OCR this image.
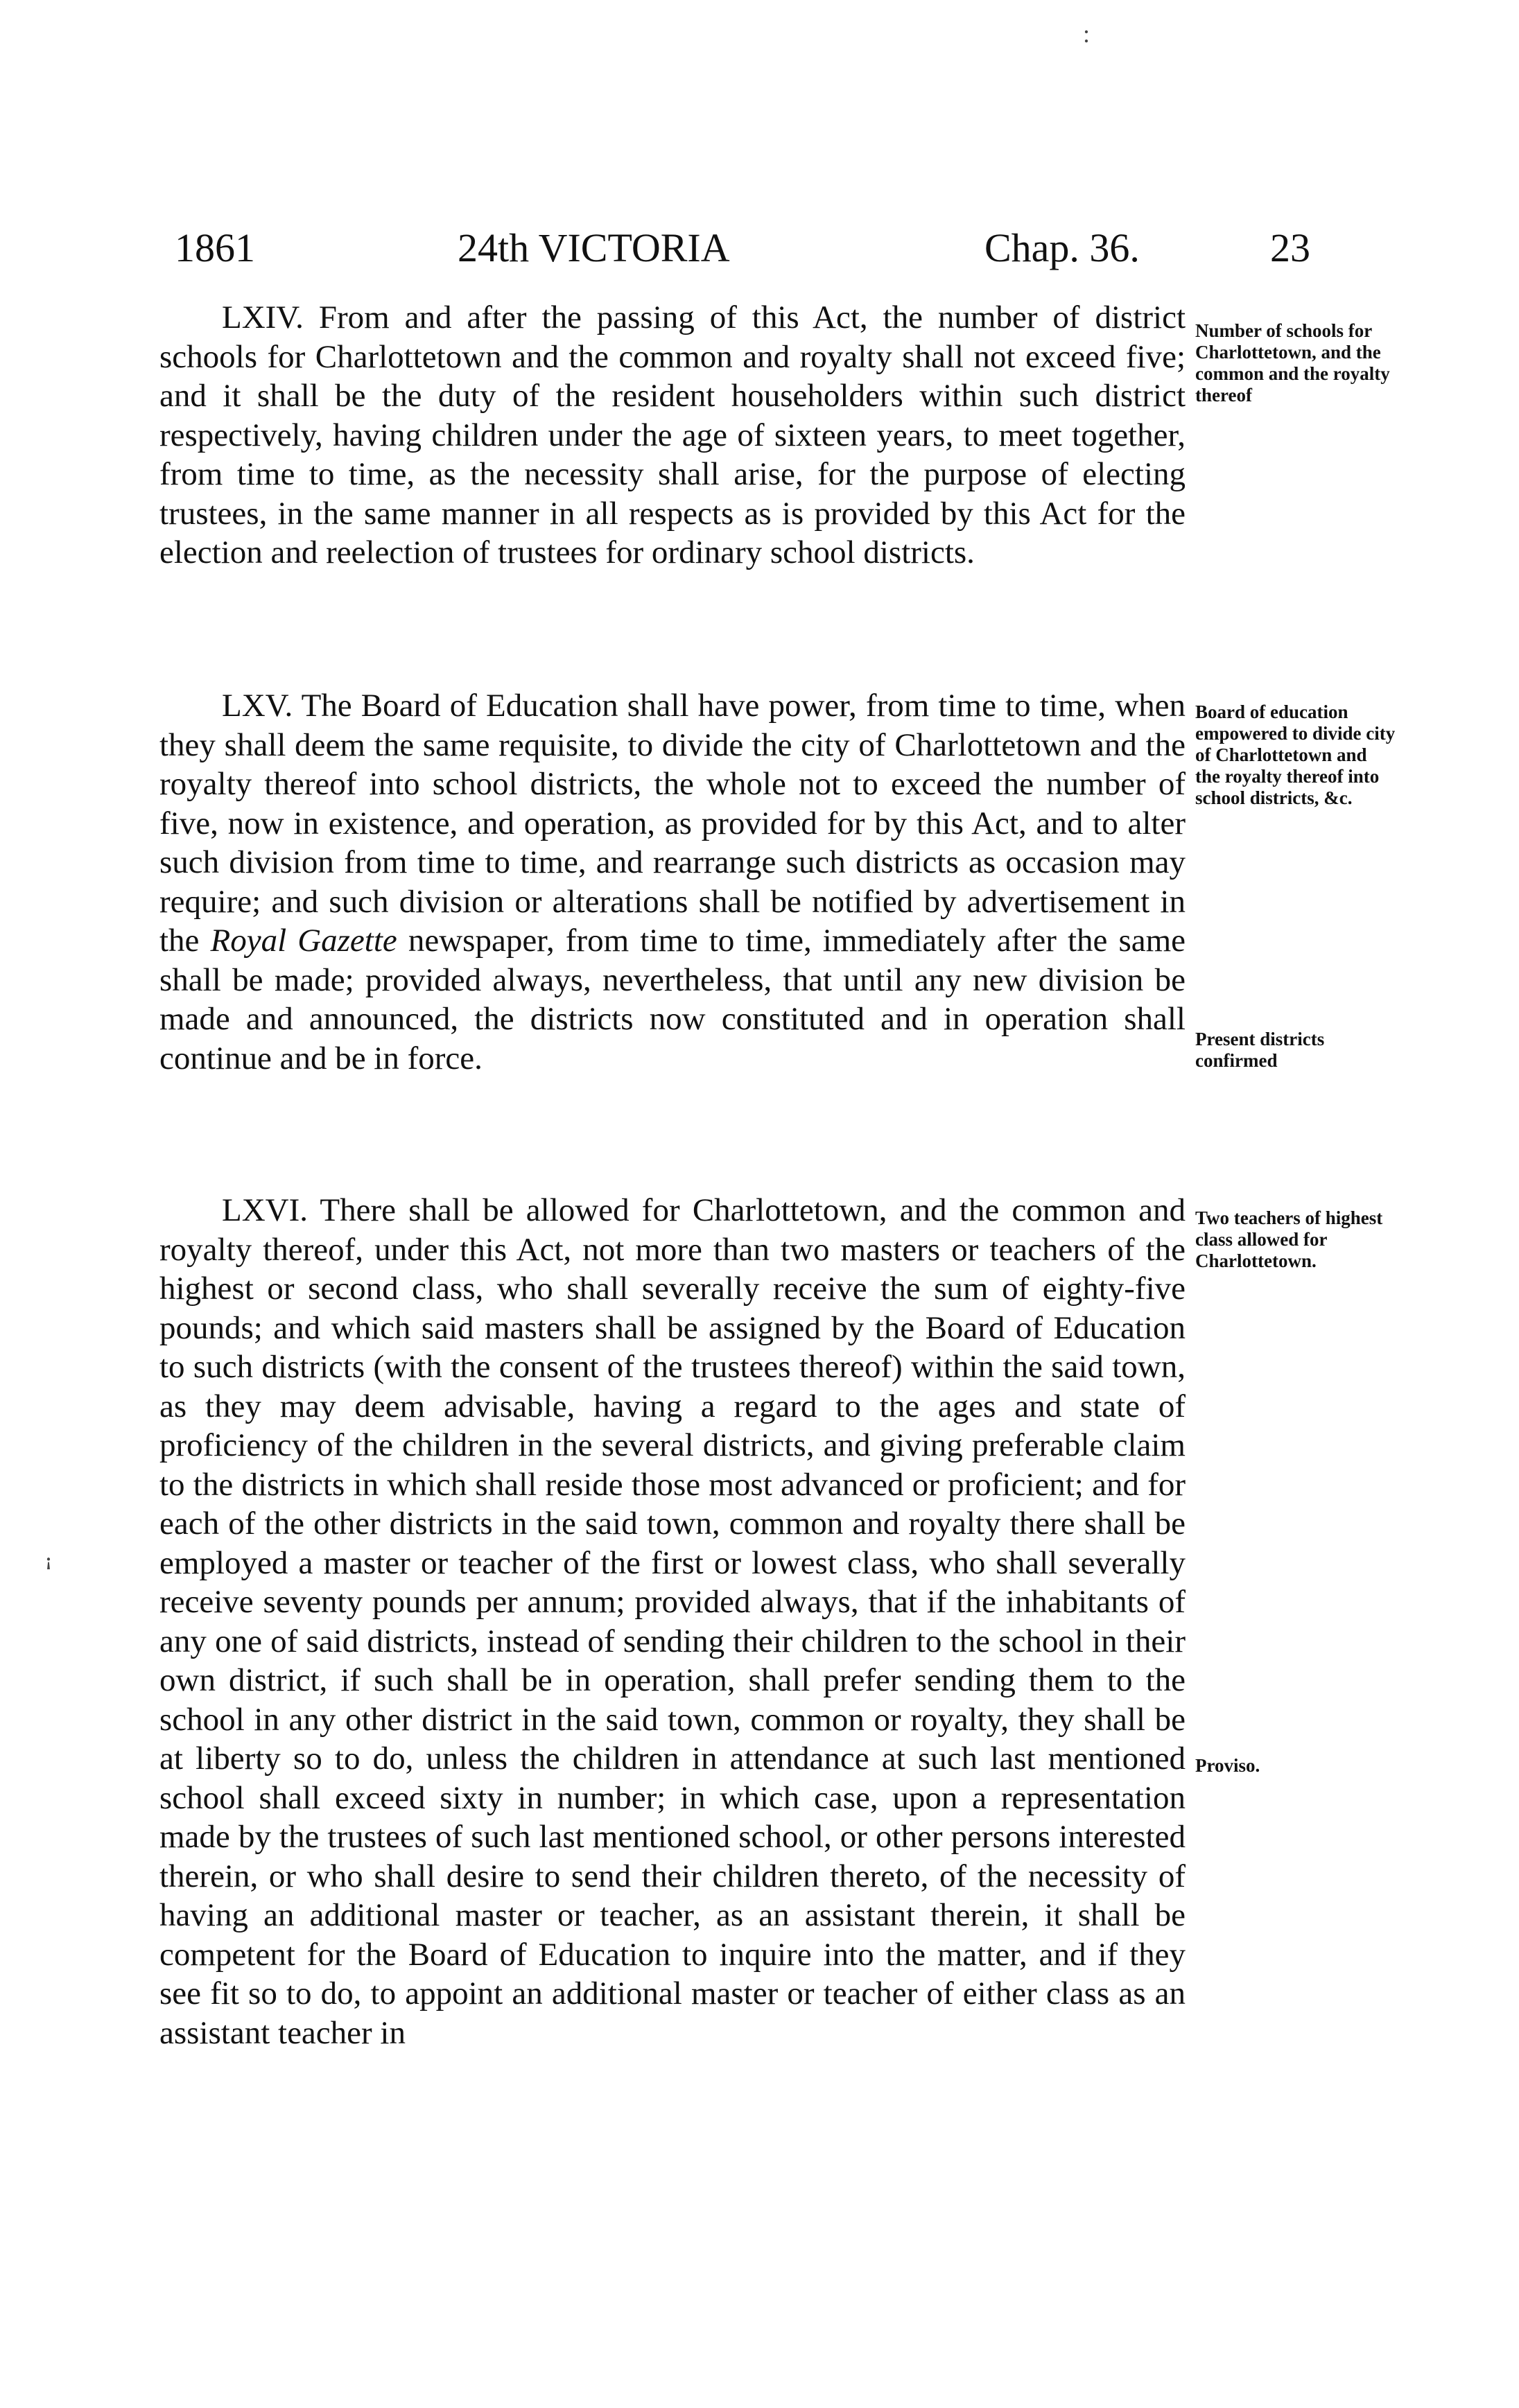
:
ꜟ
1861	24th VICTORIA	Chap. 36.	23

LXIV. From and after the passing of this Act, the number of district schools for Charlottetown and the common and royalty shall not exceed five; and it shall be the duty of the resident householders within such district respectively, having children under the age of sixteen years, to meet together, from time to time, as the necessity shall arise, for the purpose of electing trustees, in the same manner in all respects as is provided by this Act for the election and reelection of trustees for ordinary school districts.

LXV. The Board of Education shall have power, from time to time, when they shall deem the same requisite, to divide the city of Charlottetown and the royalty thereof into school districts, the whole not to exceed the number of five, now in existence, and operation, as provided for by this Act, and to alter such division from time to time, and rearrange such districts as occasion may require; and such division or alterations shall be notified by advertisement in the Royal Gazette newspaper, from time to time, immediately after the same shall be made; provided always, nevertheless, that until any new division be made and announced, the districts now constituted and in operation shall continue and be in force.

LXVI. There shall be allowed for Charlottetown, and the common and royalty thereof, under this Act, not more than two masters or teachers of the highest or second class, who shall severally receive the sum of eighty-five pounds; and which said masters shall be assigned by the Board of Education to such districts (with the consent of the trustees thereof) within the said town, as they may deem advisable, having a regard to the ages and state of proficiency of the children in the several districts, and giving preferable claim to the districts in which shall reside those most advanced or proficient; and for each of the other districts in the said town, common and royalty there shall be employed a master or teacher of the first or lowest class, who shall severally receive seventy pounds per annum; provided always, that if the inhabitants of any one of said districts, instead of sending their children to the school in their own district, if such shall be in operation, shall prefer sending them to the school in any other district in the said town, common or royalty, they shall be at liberty so to do, unless the children in attendance at such last mentioned school shall exceed sixty in number; in which case, upon a representation made by the trustees of such last mentioned school, or other persons interested therein, or who shall desire to send their children thereto, of the necessity of having an additional master or teacher, as an assistant therein, it shall be competent for the Board of Education to inquire into the matter, and if they see fit so to do, to appoint an additional master or teacher of either class as an assistant teacher in

Number of schools for Charlottetown, and the common and the royalty thereof

Board of education empowered to divide city of Charlottetown and the royalty thereof into school districts, &c.

Present districts confirmed

Two teachers of highest class allowed for Charlottetown.

Proviso.
